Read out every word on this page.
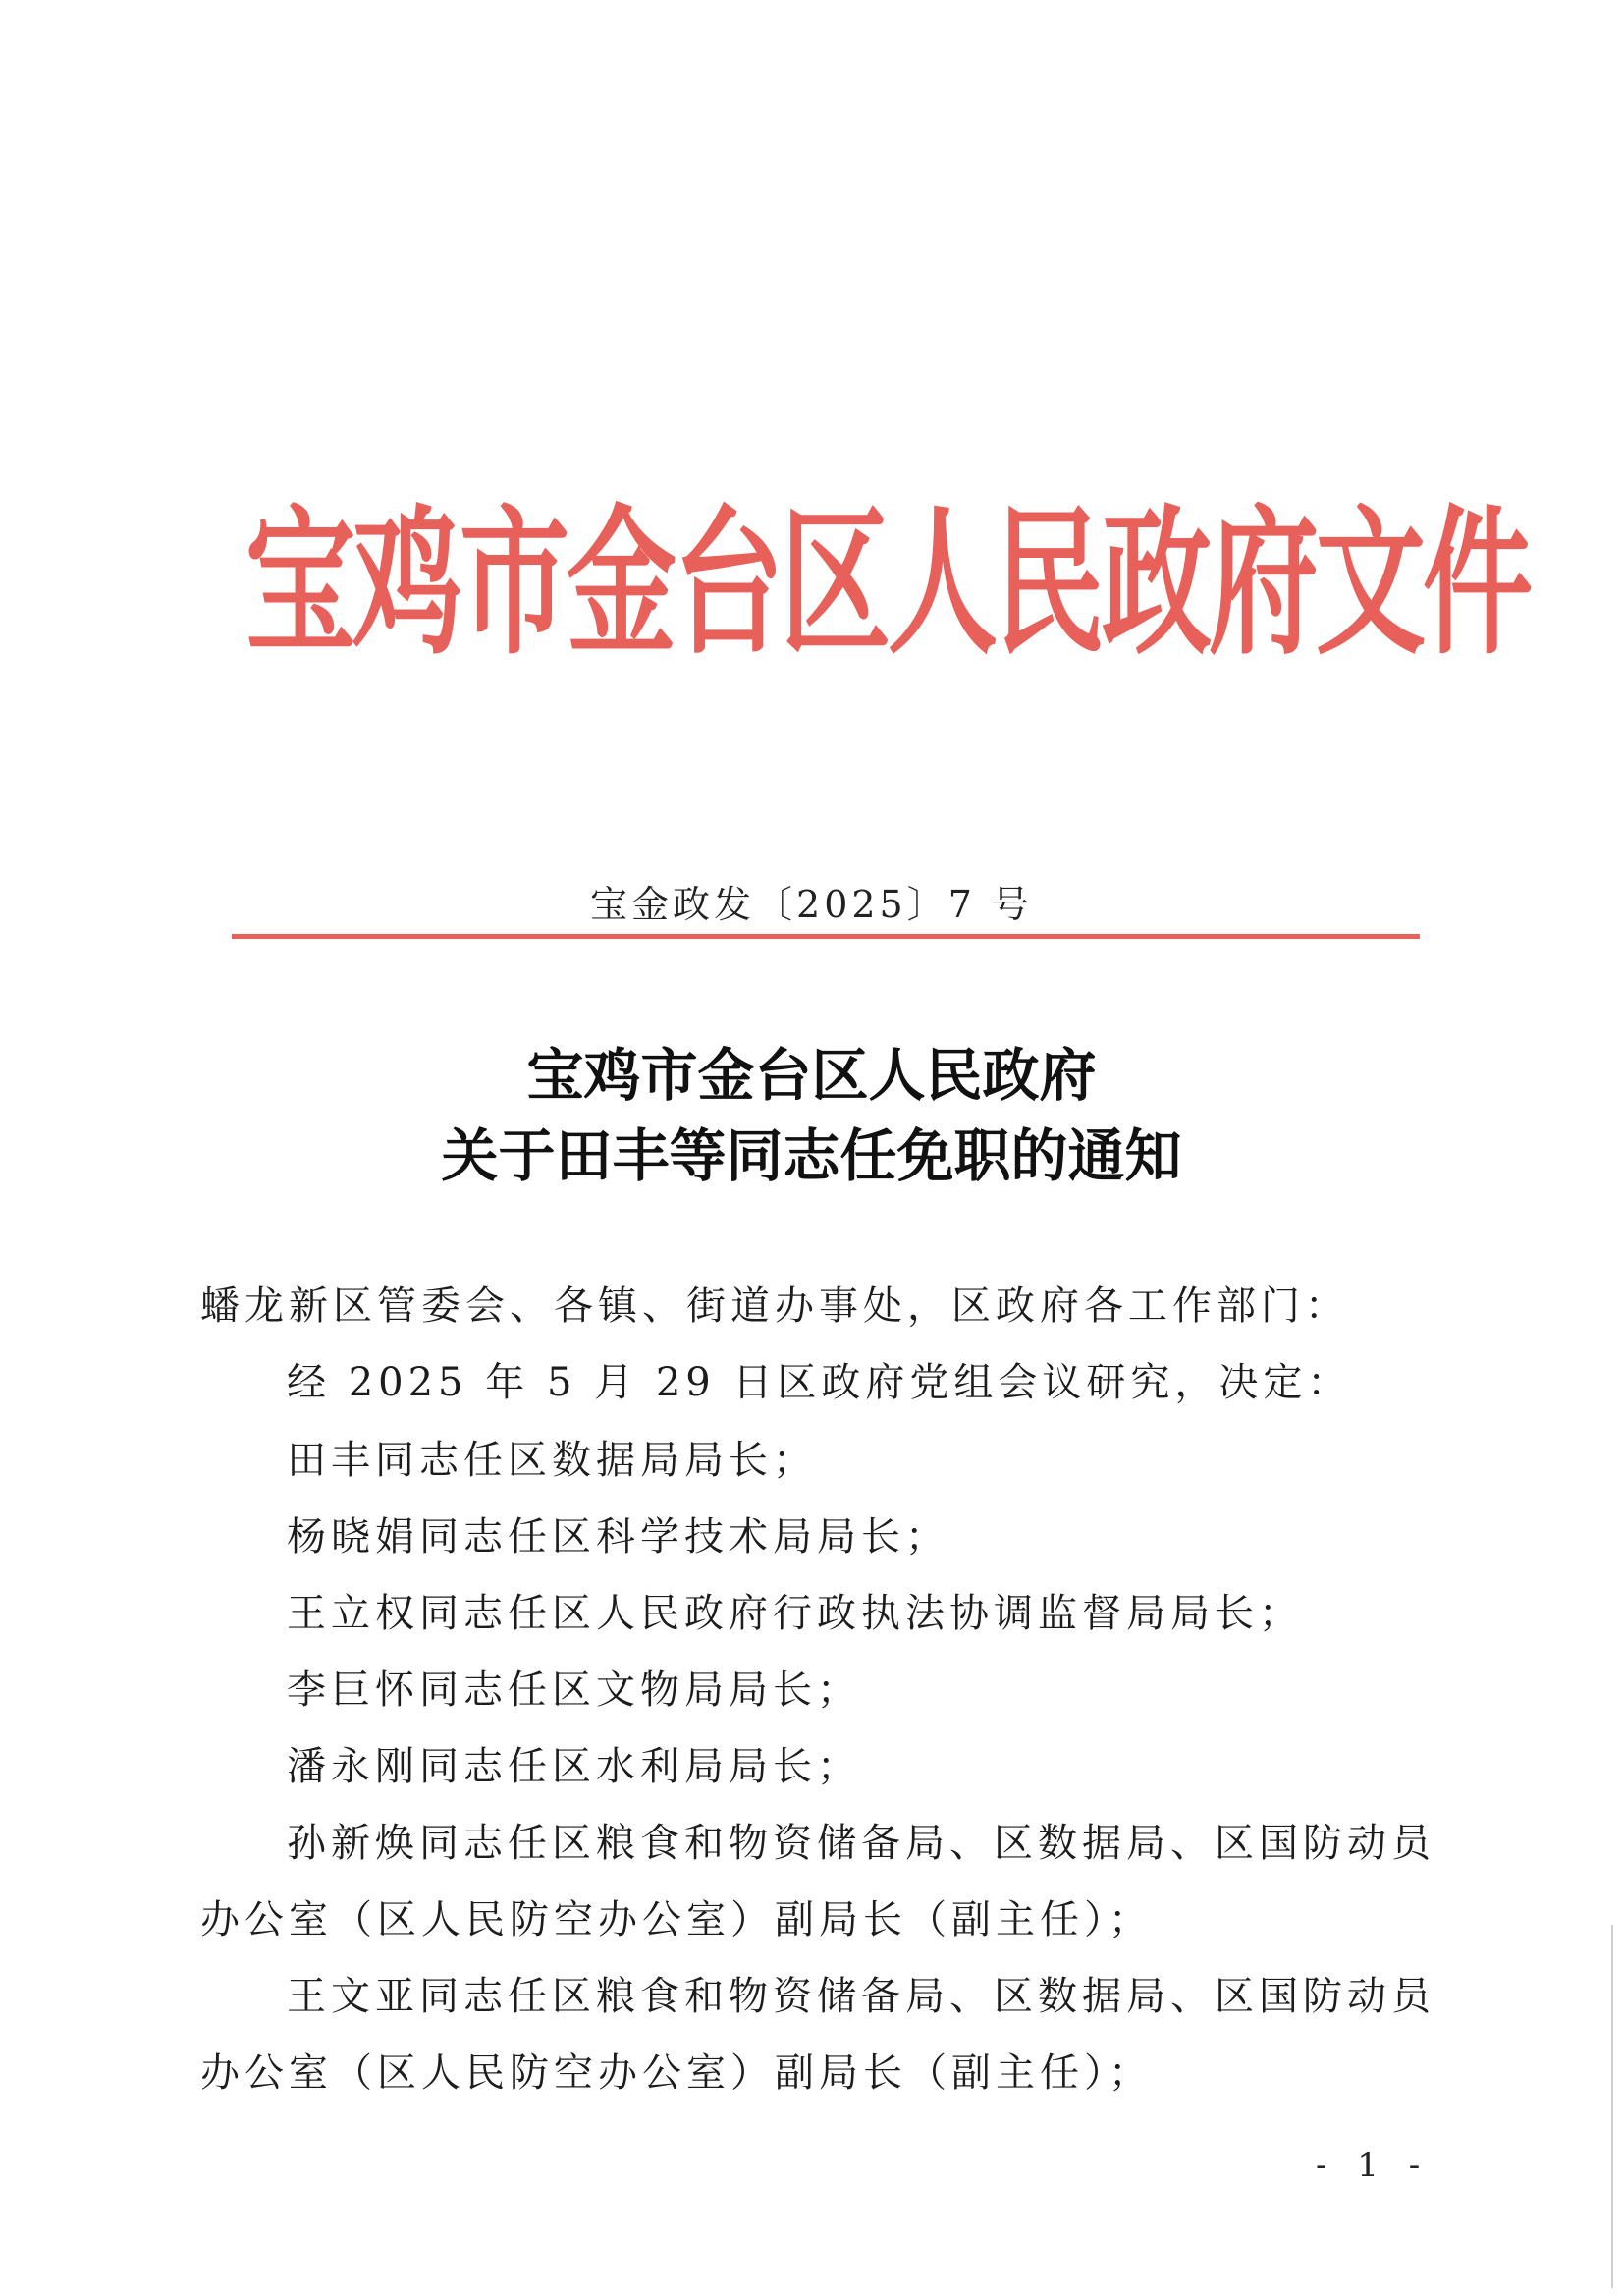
宝鸡市金台区人民政府文件
宝金政发〔2025〕7 号
宝鸡市金台区人民政府
关于田丰等同志任免职的通知
蟠龙新区管委会、各镇、街道办事处，区政府各工作部门：
经 2025 年 5 月 29 日区政府党组会议研究，决定：
田丰同志任区数据局局长；
杨晓娟同志任区科学技术局局长；
王立权同志任区人民政府行政执法协调监督局局长；
李巨怀同志任区文物局局长；
潘永刚同志任区水利局局长；
孙新焕同志任区粮食和物资储备局、区数据局、区国防动员
办公室（区人民防空办公室）副局长（副主任）；
王文亚同志任区粮食和物资储备局、区数据局、区国防动员
办公室（区人民防空办公室）副局长（副主任）；
- 1 -
